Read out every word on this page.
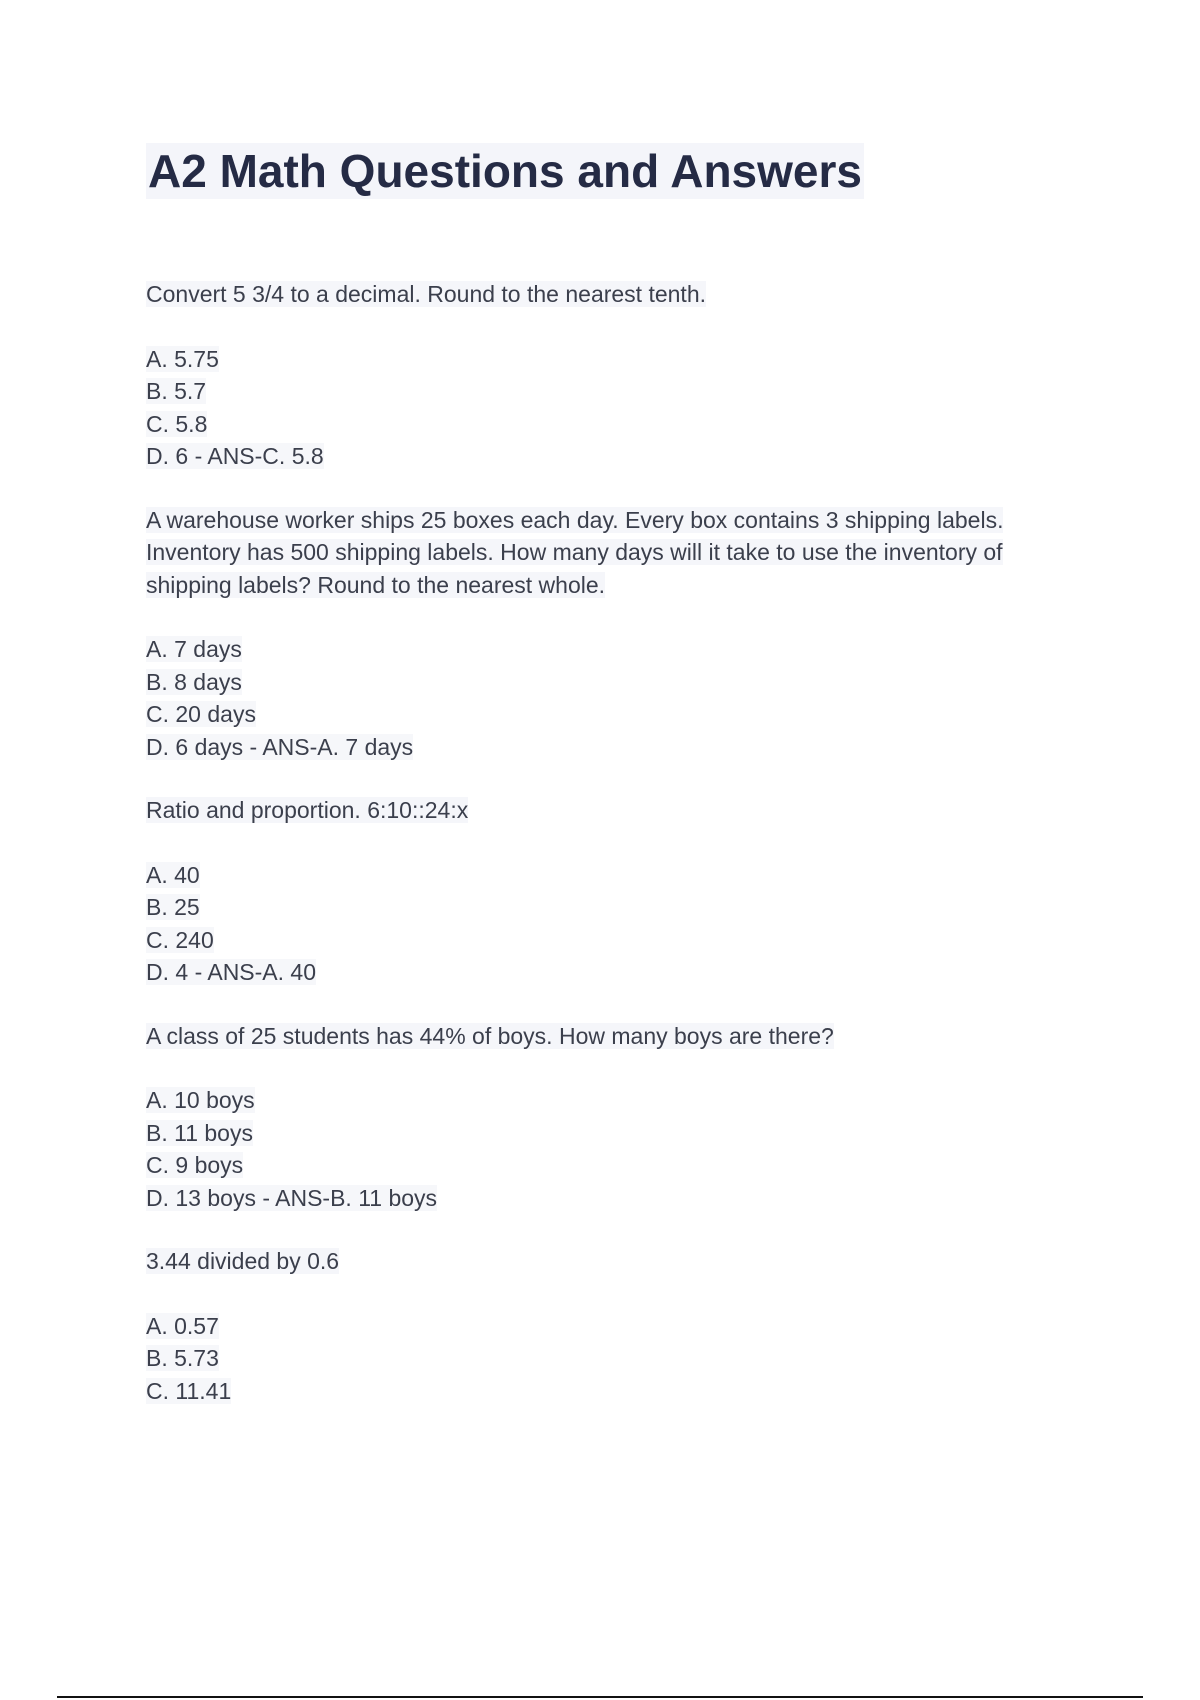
A2 Math Questions and Answers

Convert 5 3/4 to a decimal. Round to the nearest tenth.

A. 5.75
B. 5.7
C. 5.8
D. 6 - ANS-C. 5.8

A warehouse worker ships 25 boxes each day. Every box contains 3 shipping labels. Inventory has 500 shipping labels. How many days will it take to use the inventory of shipping labels? Round to the nearest whole.

A. 7 days
B. 8 days
C. 20 days
D. 6 days - ANS-A. 7 days

Ratio and proportion. 6:10::24:x

A. 40
B. 25
C. 240
D. 4 - ANS-A. 40

A class of 25 students has 44% of boys. How many boys are there?

A. 10 boys
B. 11 boys
C. 9 boys
D. 13 boys - ANS-B. 11 boys

3.44 divided by 0.6

A. 0.57
B. 5.73
C. 11.41
